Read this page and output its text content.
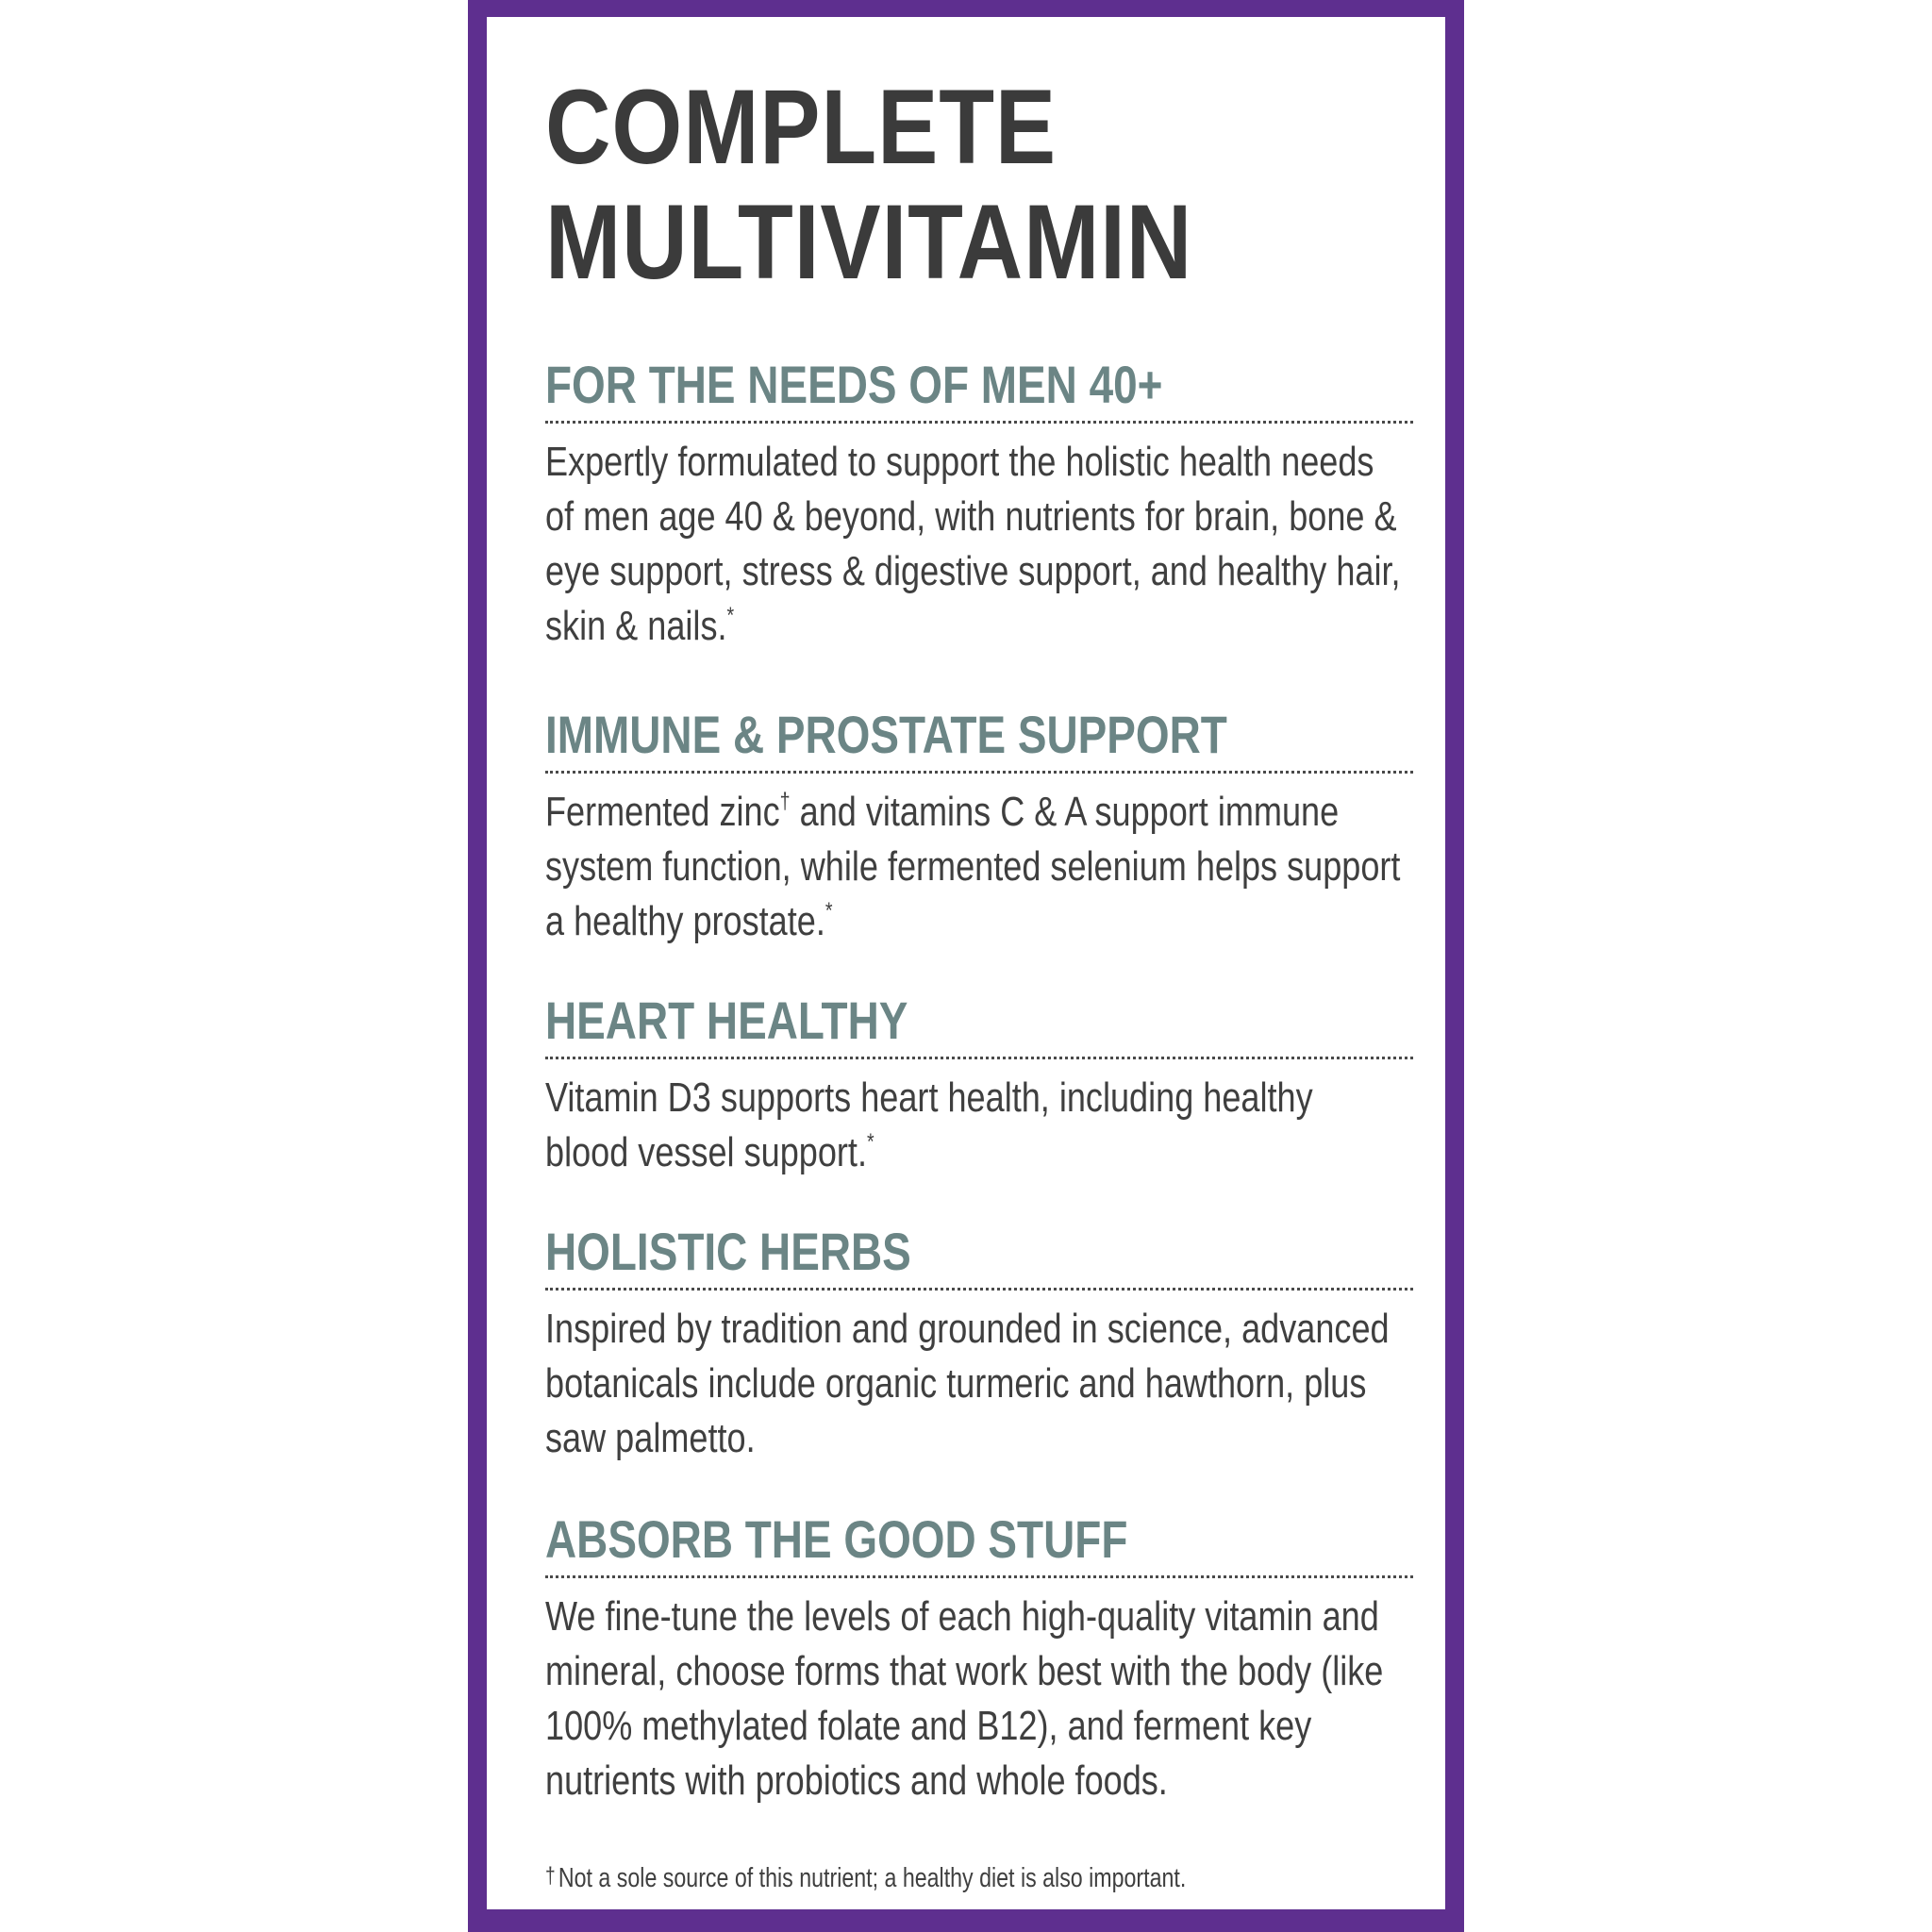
COMPLETE
MULTIVITAMIN
FOR THE NEEDS OF MEN 40+

Expertly formulated to support the holistic health needs of men age 40 & beyond, with nutrients for brain, bone & eye support, stress & digestive support, and healthy hair, skin & nails.*

IMMUNE & PROSTATE SUPPORT

Fermented zinc† and vitamins C & A support immune system function, while fermented selenium helps support a healthy prostate.*

HEART HEALTHY

Vitamin D3 supports heart health, including healthy blood vessel support.*

HOLISTIC HERBS

Inspired by tradition and grounded in science, advanced botanicals include organic turmeric and hawthorn, plus saw palmetto.

ABSORB THE GOOD STUFF

We fine-tune the levels of each high-quality vitamin and mineral, choose forms that work best with the body (like 100% methylated folate and B12), and ferment key nutrients with probiotics and whole foods.

† Not a sole source of this nutrient; a healthy diet is also important.
